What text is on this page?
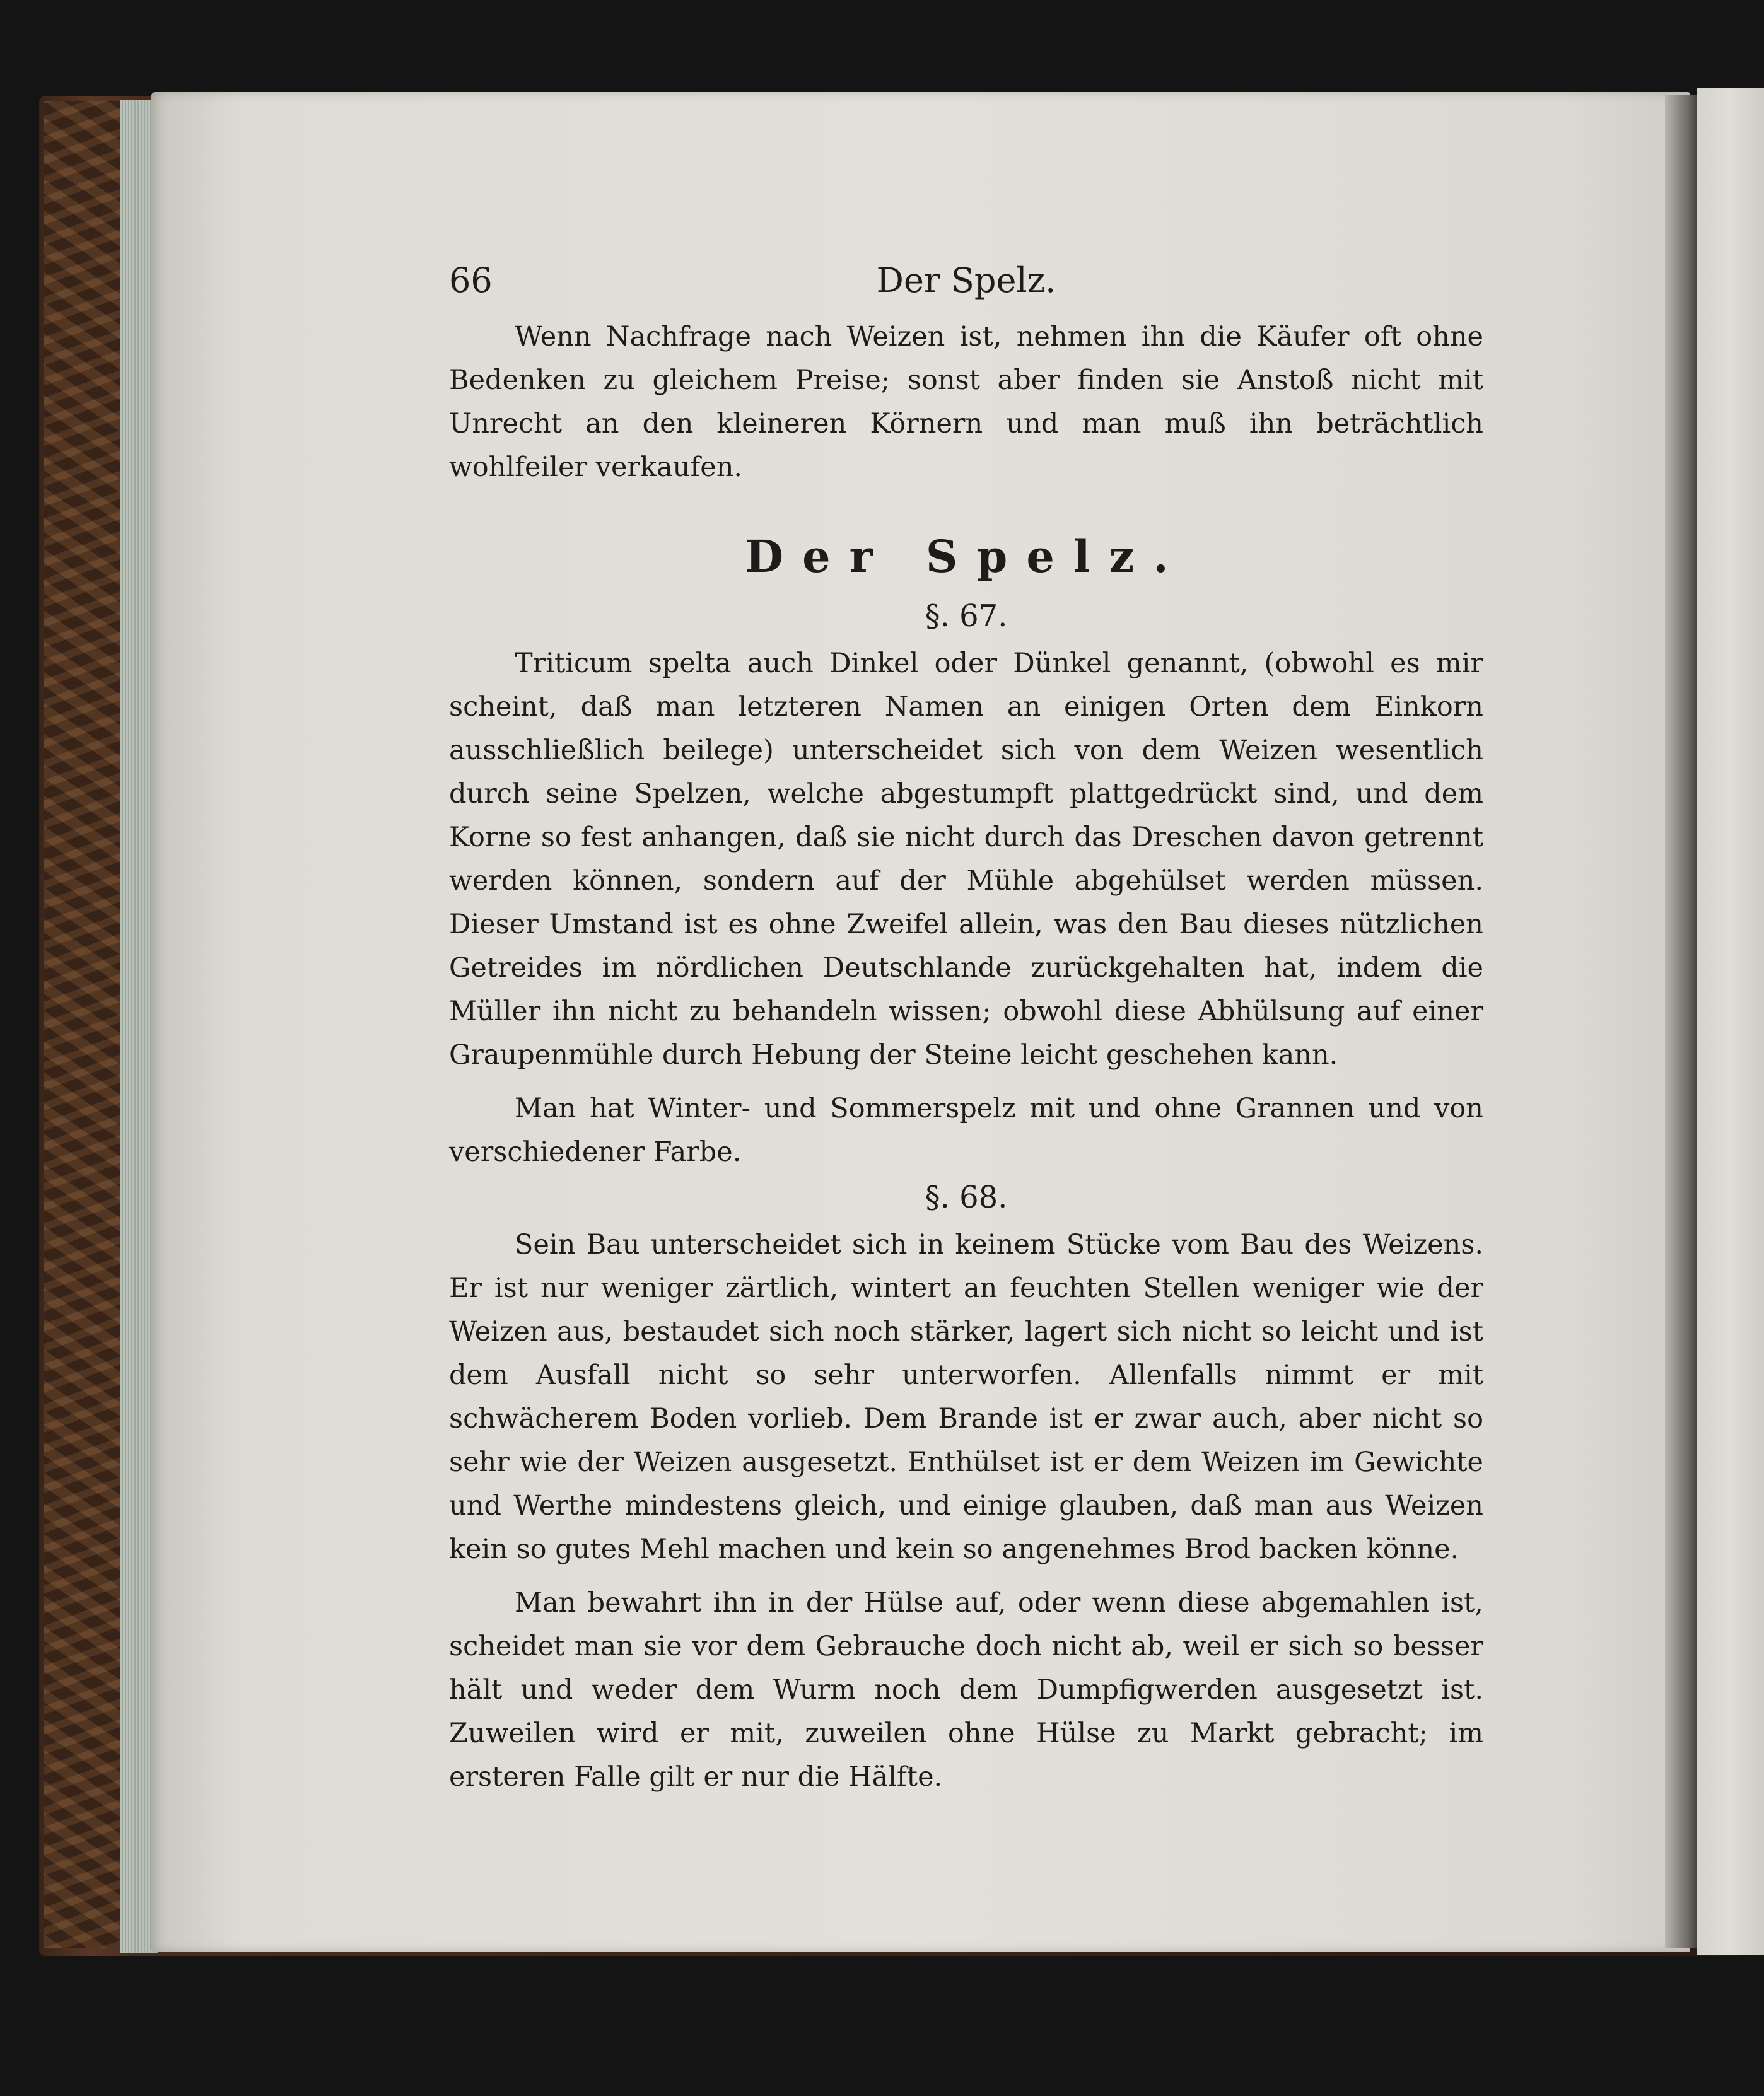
66	Der Spelz.

Wenn Nachfrage nach Weizen ist, nehmen ihn die Käufer oft ohne Bedenken zu gleichem Preise; sonst aber finden sie Anstoß nicht mit Unrecht an den kleineren Körnern und man muß ihn beträchtlich wohlfeiler verkaufen.

Der Spelz.
§. 67.

Triticum spelta auch Dinkel oder Dünkel genannt, (obwohl es mir scheint, daß man letzteren Namen an einigen Orten dem Einkorn ausschließlich beilege) unterscheidet sich von dem Weizen wesentlich durch seine Spelzen, welche abgestumpft plattgedrückt sind, und dem Korne so fest anhangen, daß sie nicht durch das Dreschen davon getrennt werden können, sondern auf der Mühle abgehülset werden müssen. Dieser Umstand ist es ohne Zweifel allein, was den Bau dieses nützlichen Getreides im nördlichen Deutschlande zurückgehalten hat, indem die Müller ihn nicht zu behandeln wissen; obwohl diese Abhülsung auf einer Graupenmühle durch Hebung der Steine leicht geschehen kann.

Man hat Winter- und Sommerspelz mit und ohne Grannen und von verschiedener Farbe.

§. 68.

Sein Bau unterscheidet sich in keinem Stücke vom Bau des Weizens. Er ist nur weniger zärtlich, wintert an feuchten Stellen weniger wie der Weizen aus, bestaudet sich noch stärker, lagert sich nicht so leicht und ist dem Ausfall nicht so sehr unterworfen. Allenfalls nimmt er mit schwächerem Boden vorlieb. Dem Brande ist er zwar auch, aber nicht so sehr wie der Weizen ausgesetzt. Enthülset ist er dem Weizen im Gewichte und Werthe mindestens gleich, und einige glauben, daß man aus Weizen kein so gutes Mehl machen und kein so angenehmes Brod backen könne.

Man bewahrt ihn in der Hülse auf, oder wenn diese abgemahlen ist, scheidet man sie vor dem Gebrauche doch nicht ab, weil er sich so besser hält und weder dem Wurm noch dem Dumpfigwerden ausgesetzt ist. Zuweilen wird er mit, zuweilen ohne Hülse zu Markt gebracht; im ersteren Falle gilt er nur die Hälfte.
